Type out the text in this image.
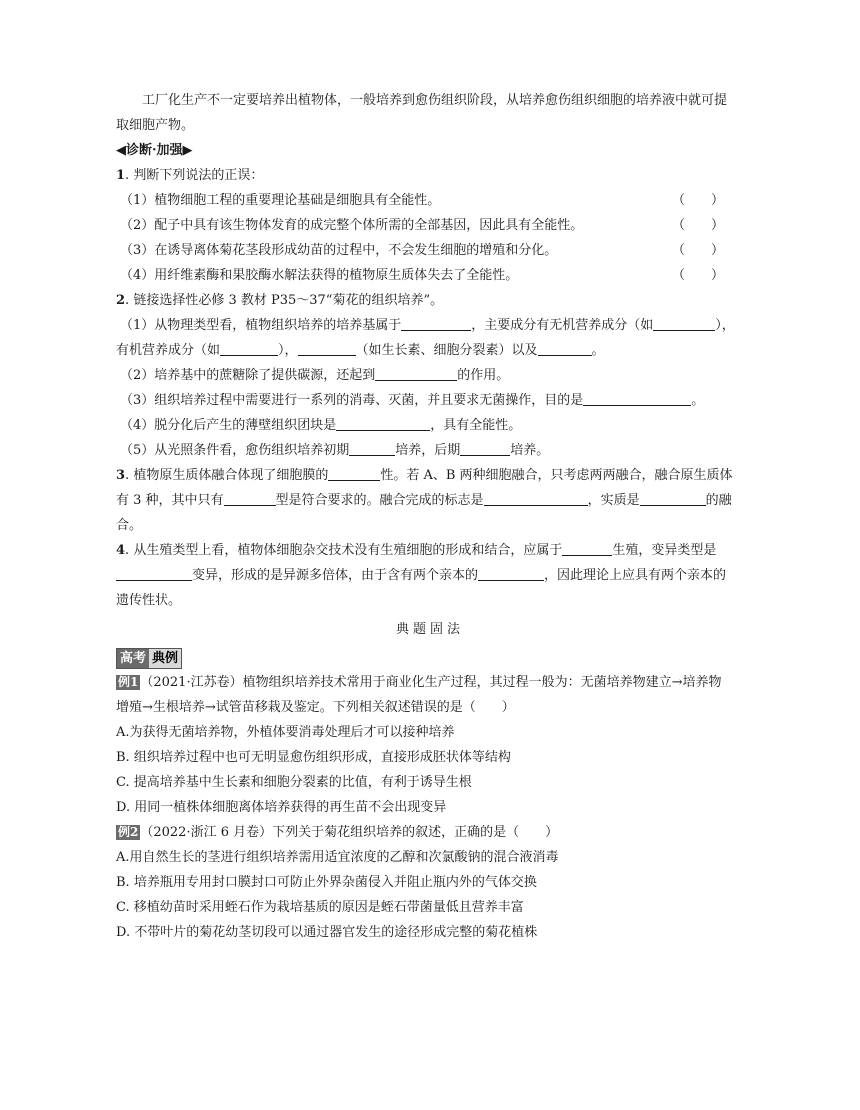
工厂化生产不一定要培养出植物体，一般培养到愈伤组织阶段，从培养愈伤组织细胞的培养液中就可提
取细胞产物。
◀诊断·加强▶
1. 判断下列说法的正误：
（1）植物细胞工程的重要理论基础是细胞具有全能性。	（　　）
（2）配子中具有该生物体发育的成完整个体所需的全部基因，因此具有全能性。	（　　）
（3）在诱导离体菊花茎段形成幼苗的过程中，不会发生细胞的增殖和分化。	（　　）
（4）用纤维素酶和果胶酶水解法获得的植物原生质体失去了全能性。	（　　）
2. 链接选择性必修 3 教材 P35～37“菊花的组织培养”。
（1）从物理类型看，植物组织培养的培养基属于	，主要成分有无机营养成分（如	），
有机营养成分（如	），	（如生长素、细胞分裂素）以及	。
（2）培养基中的蔗糖除了提供碳源，还起到	的作用。
（3）组织培养过程中需要进行一系列的消毒、灭菌，并且要求无菌操作，目的是	。
（4）脱分化后产生的薄壁组织团块是	，具有全能性。
（5）从光照条件看，愈伤组织培养初期	培养，后期	培养。
3. 植物原生质体融合体现了细胞膜的	性。若 A、B 两种细胞融合，只考虑两两融合，融合原生质体
有 3 种，其中只有	型是符合要求的。融合完成的标志是	，实质是	的融
合。
4. 从生殖类型上看，植物体细胞杂交技术没有生殖细胞的形成和结合，应属于	生殖，变异类型是
变异，形成的是异源多倍体，由于含有两个亲本的	，因此理论上应具有两个亲本的
遗传性状。
典题固法
高考 典例
例1 （2021·江苏卷）植物组织培养技术常用于商业化生产过程，其过程一般为：无菌培养物建立→培养物
增殖→生根培养→试管苗移栽及鉴定。下列相关叙述错误的是（　　）
A.为获得无菌培养物，外植体要消毒处理后才可以接种培养
B. 组织培养过程中也可无明显愈伤组织形成，直接形成胚状体等结构
C. 提高培养基中生长素和细胞分裂素的比值，有利于诱导生根
D. 用同一植株体细胞离体培养获得的再生苗不会出现变异
例2 （2022·浙江 6 月卷）下列关于菊花组织培养的叙述，正确的是（　　）
A.用自然生长的茎进行组织培养需用适宜浓度的乙醇和次氯酸钠的混合液消毒
B. 培养瓶用专用封口膜封口可防止外界杂菌侵入并阻止瓶内外的气体交换
C. 移植幼苗时采用蛭石作为栽培基质的原因是蛭石带菌量低且营养丰富
D. 不带叶片的菊花幼茎切段可以通过器官发生的途径形成完整的菊花植株
